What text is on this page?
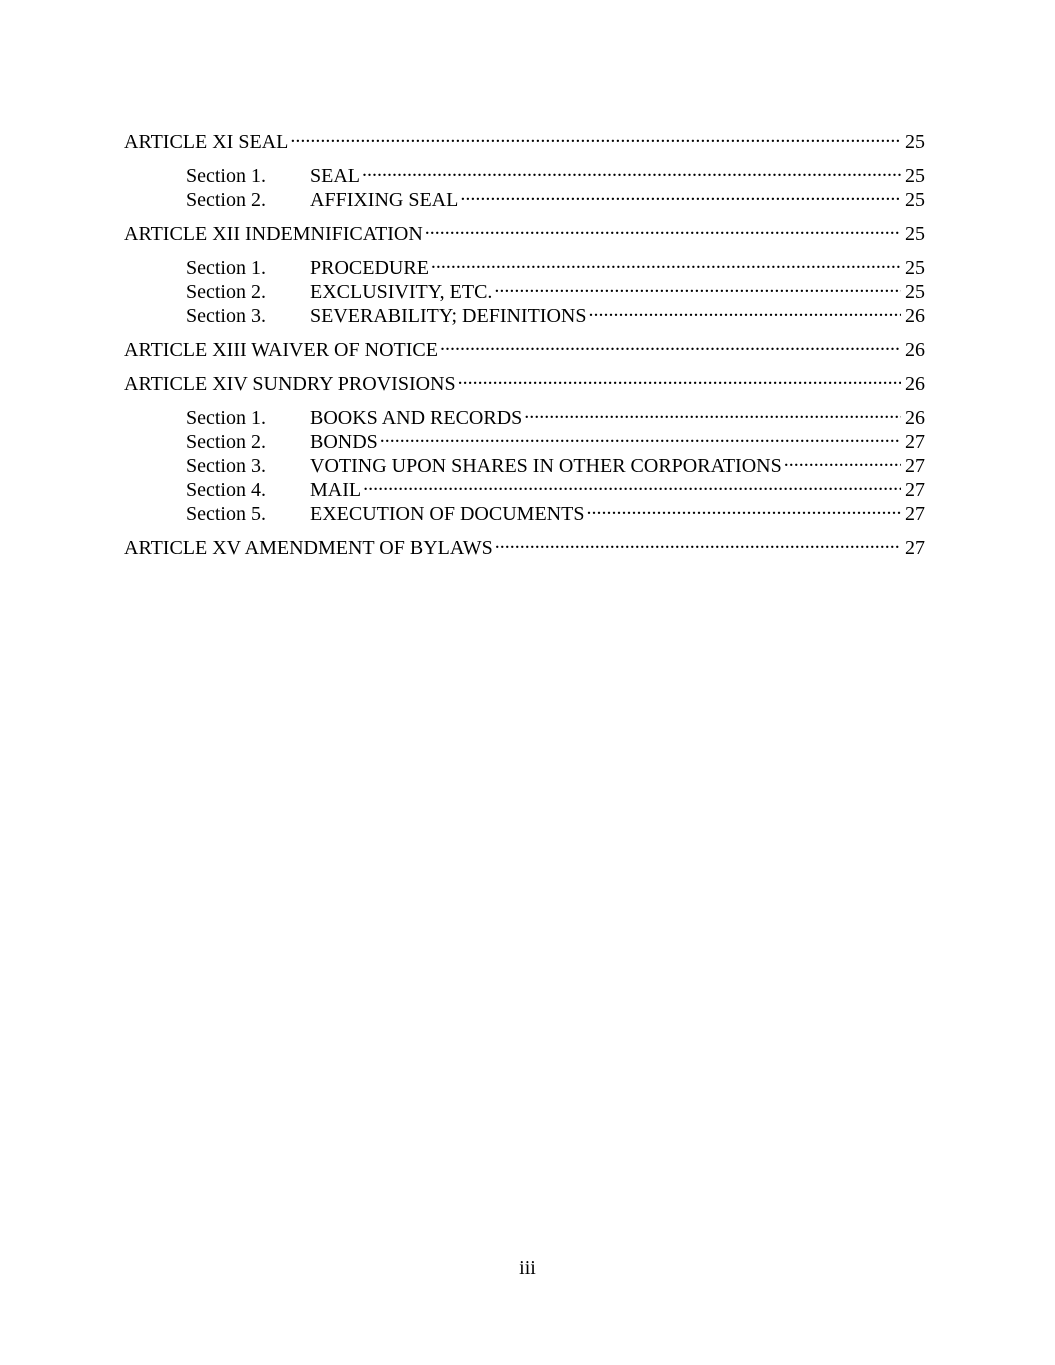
ARTICLE XI SEAL .....	25
Section 1.	SEAL .....	25
Section 2.	AFFIXING SEAL .....	25
ARTICLE XII INDEMNIFICATION .....	25
Section 1.	PROCEDURE .....	25
Section 2.	EXCLUSIVITY, ETC. .....	25
Section 3.	SEVERABILITY; DEFINITIONS .....	26
ARTICLE XIII WAIVER OF NOTICE .....	26
ARTICLE XIV SUNDRY PROVISIONS .....	26
Section 1.	BOOKS AND RECORDS .....	26
Section 2.	BONDS .....	27
Section 3.	VOTING UPON SHARES IN OTHER CORPORATIONS .....	27
Section 4.	MAIL .....	27
Section 5.	EXECUTION OF DOCUMENTS .....	27
ARTICLE XV AMENDMENT OF BYLAWS .....	27
iii
